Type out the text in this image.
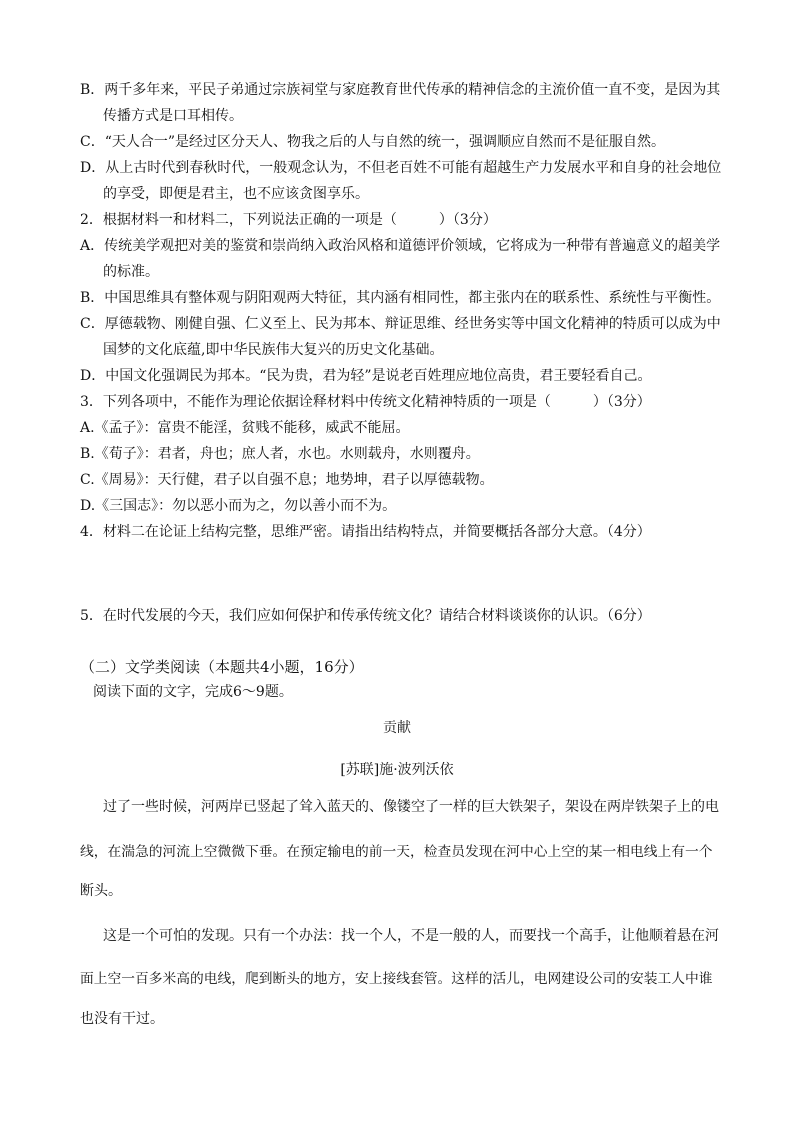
B．两千多年来，平民子弟通过宗族祠堂与家庭教育世代传承的精神信念的主流价值一直不变，是因为其
传播方式是口耳相传。
C．“天人合一”是经过区分天人、物我之后的人与自然的统一，强调顺应自然而不是征服自然。
D．从上古时代到春秋时代，一般观念认为，不但老百姓不可能有超越生产力发展水平和自身的社会地位
的享受，即便是君主，也不应该贪图享乐。
2．根据材料一和材料二，下列说法正确的一项是（　　　）（3分）
A．传统美学观把对美的鉴赏和崇尚纳入政治风格和道德评价领域，它将成为一种带有普遍意义的超美学
的标准。
B．中国思维具有整体观与阴阳观两大特征，其内涵有相同性，都主张内在的联系性、系统性与平衡性。
C．厚德载物、刚健自强、仁义至上、民为邦本、辩证思维、经世务实等中国文化精神的特质可以成为中
国梦的文化底蕴,即中华民族伟大复兴的历史文化基础。
D．中国文化强调民为邦本。“民为贵，君为轻”是说老百姓理应地位高贵，君王要轻看自己。
3．下列各项中，不能作为理论依据诠释材料中传统文化精神特质的一项是（　　　）（3分）
A.《孟子》：富贵不能淫，贫贱不能移，威武不能屈。
B.《荀子》：君者，舟也；庶人者，水也。水则载舟，水则覆舟。
C.《周易》：天行健，君子以自强不息；地势坤，君子以厚德载物。
D.《三国志》：勿以恶小而为之，勿以善小而不为。
4．材料二在论证上结构完整，思维严密。请指出结构特点，并简要概括各部分大意。（4分）
5．在时代发展的今天，我们应如何保护和传承传统文化？请结合材料谈谈你的认识。（6分）
（二）文学类阅读（本题共4小题，16分）
阅读下面的文字，完成6～9题。
贡献
[苏联]施·波列沃依
过了一些时候，河两岸已竖起了耸入蓝天的、像镂空了一样的巨大铁架子，架设在两岸铁架子上的电
线，在湍急的河流上空微微下垂。在预定输电的前一天，检查员发现在河中心上空的某一相电线上有一个
断头。
这是一个可怕的发现。只有一个办法：找一个人，不是一般的人，而要找一个高手，让他顺着悬在河
面上空一百多米高的电线，爬到断头的地方，安上接线套管。这样的活儿，电网建设公司的安装工人中谁
也没有干过。
